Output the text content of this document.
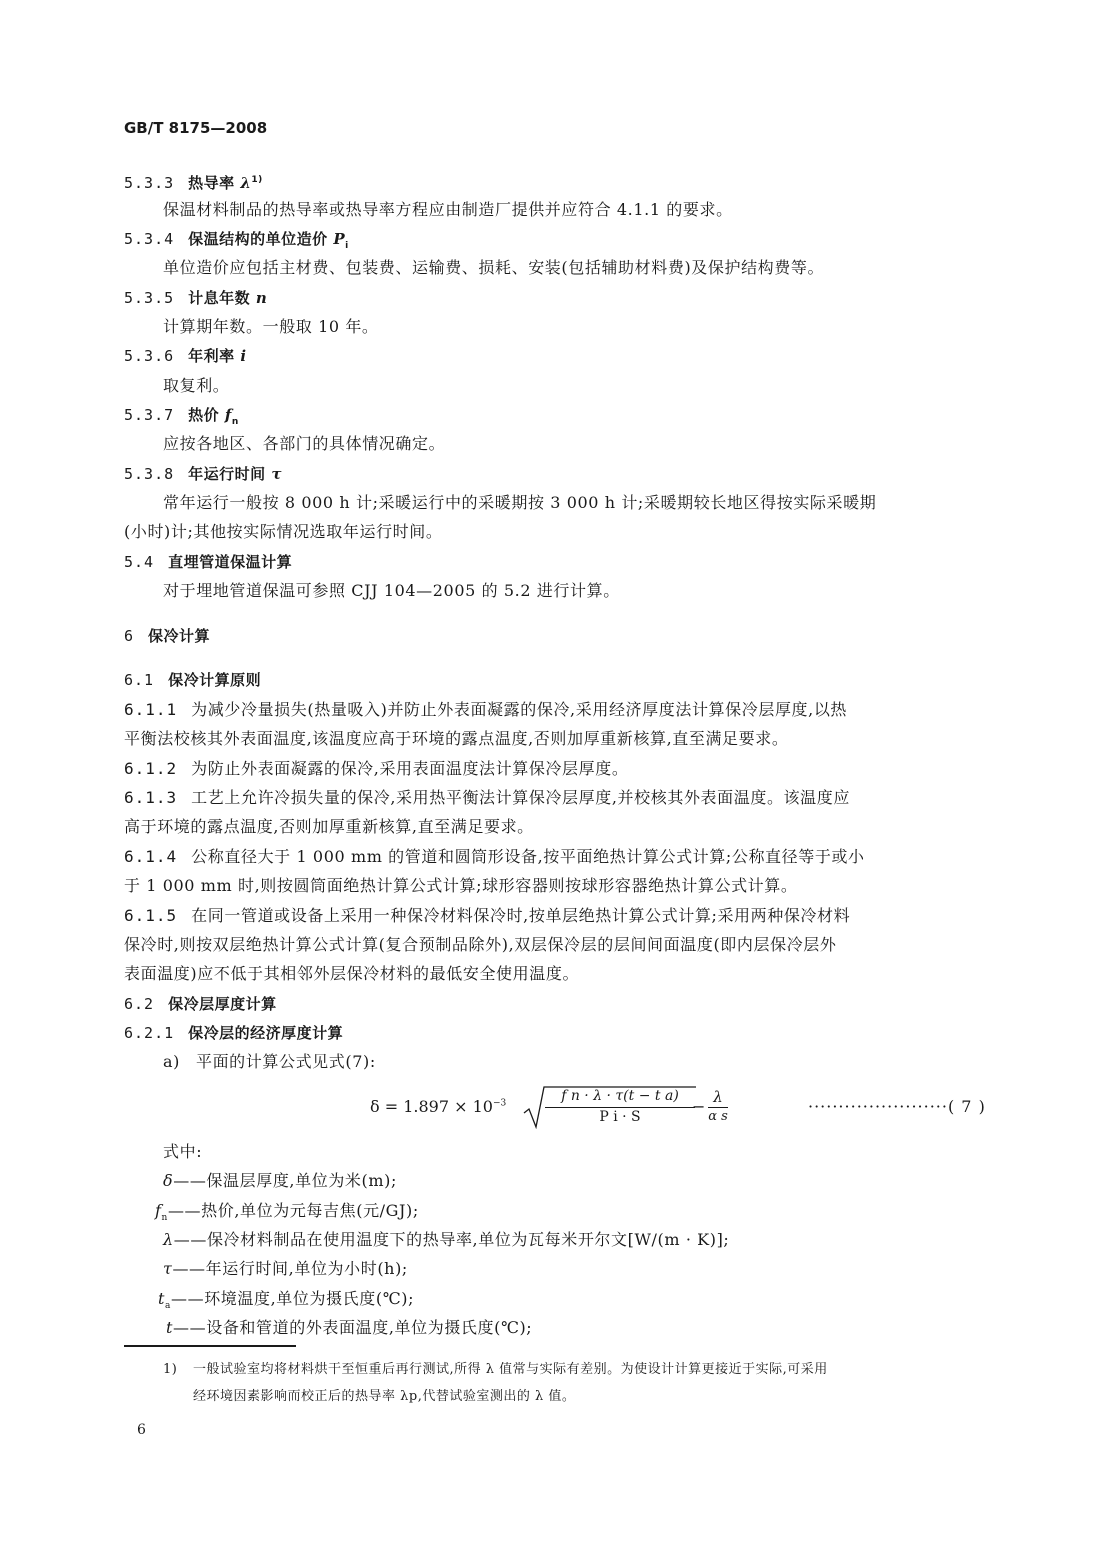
GB/T 8175—2008
5.3.3 热导率 $\lambda^{1)}$
保温材料制品的热导率或热导率方程应由制造厂提供并应符合 4.1.1 的要求。
5.3.4 保温结构的单位造价 $P_i$
单位造价应包括主材费、包装费、运输费、损耗、安装(包括辅助材料费)及保护结构费等。
5.3.5 计息年数 n
计算期年数。一般取 10 年。
5.3.6 年利率 i
取复利。
5.3.7 热价 $f_n$
应按各地区、各部门的具体情况确定。
5.3.8 年运行时间 τ
常年运行一般按 8 000 h 计;采暖运行中的采暖期按 3 000 h 计;采暖期较长地区得按实际采暖期
(小时)计;其他按实际情况选取年运行时间。
5.4 直埋管道保温计算
对于埋地管道保温可参照 CJJ 104—2005 的 5.2 进行计算。
6 保冷计算
6.1 保冷计算原则
6.1.1 为减少冷量损失(热量吸入)并防止外表面凝露的保冷,采用经济厚度法计算保冷层厚度,以热
平衡法校核其外表面温度,该温度应高于环境的露点温度,否则加厚重新核算,直至满足要求。
6.1.2 为防止外表面凝露的保冷,采用表面温度法计算保冷层厚度。
6.1.3 工艺上允许冷损失量的保冷,采用热平衡法计算保冷层厚度,并校核其外表面温度。该温度应
高于环境的露点温度,否则加厚重新核算,直至满足要求。
6.1.4 公称直径大于 1 000 mm 的管道和圆筒形设备,按平面绝热计算公式计算;公称直径等于或小
于 1 000 mm 时,则按圆筒面绝热计算公式计算;球形容器则按球形容器绝热计算公式计算。
6.1.5 在同一管道或设备上采用一种保冷材料保冷时,按单层绝热计算公式计算;采用两种保冷材料
保冷时,则按双层绝热计算公式计算(复合预制品除外),双层保冷层的层间间面温度(即内层保冷层外
表面温度)应不低于其相邻外层保冷材料的最低安全使用温度。
6.2 保冷层厚度计算
6.2.1 保冷层的经济厚度计算
a) 平面的计算公式见式(7):
$\delta = 1.897 \times 10^{-3}$	f n · λ · τ(t − t a)
P i · S
− λ
α s
·······················( 7 )
式中:
δ——保温层厚度,单位为米(m);
$f_n——$热价,单位为元每吉焦(元/GJ);
λ——保冷材料制品在使用温度下的热导率,单位为瓦每米开尔文[W/(m · K)];
τ——年运行时间,单位为小时(h);
$t_a——$环境温度,单位为摄氏度(℃);
t——设备和管道的外表面温度,单位为摄氏度(℃);
1) 一般试验室均将材料烘干至恒重后再行测试,所得 λ 值常与实际有差别。为使设计计算更接近于实际,可采用
经环境因素影响而校正后的热导率 λp,代替试验室测出的 λ 值。
6
